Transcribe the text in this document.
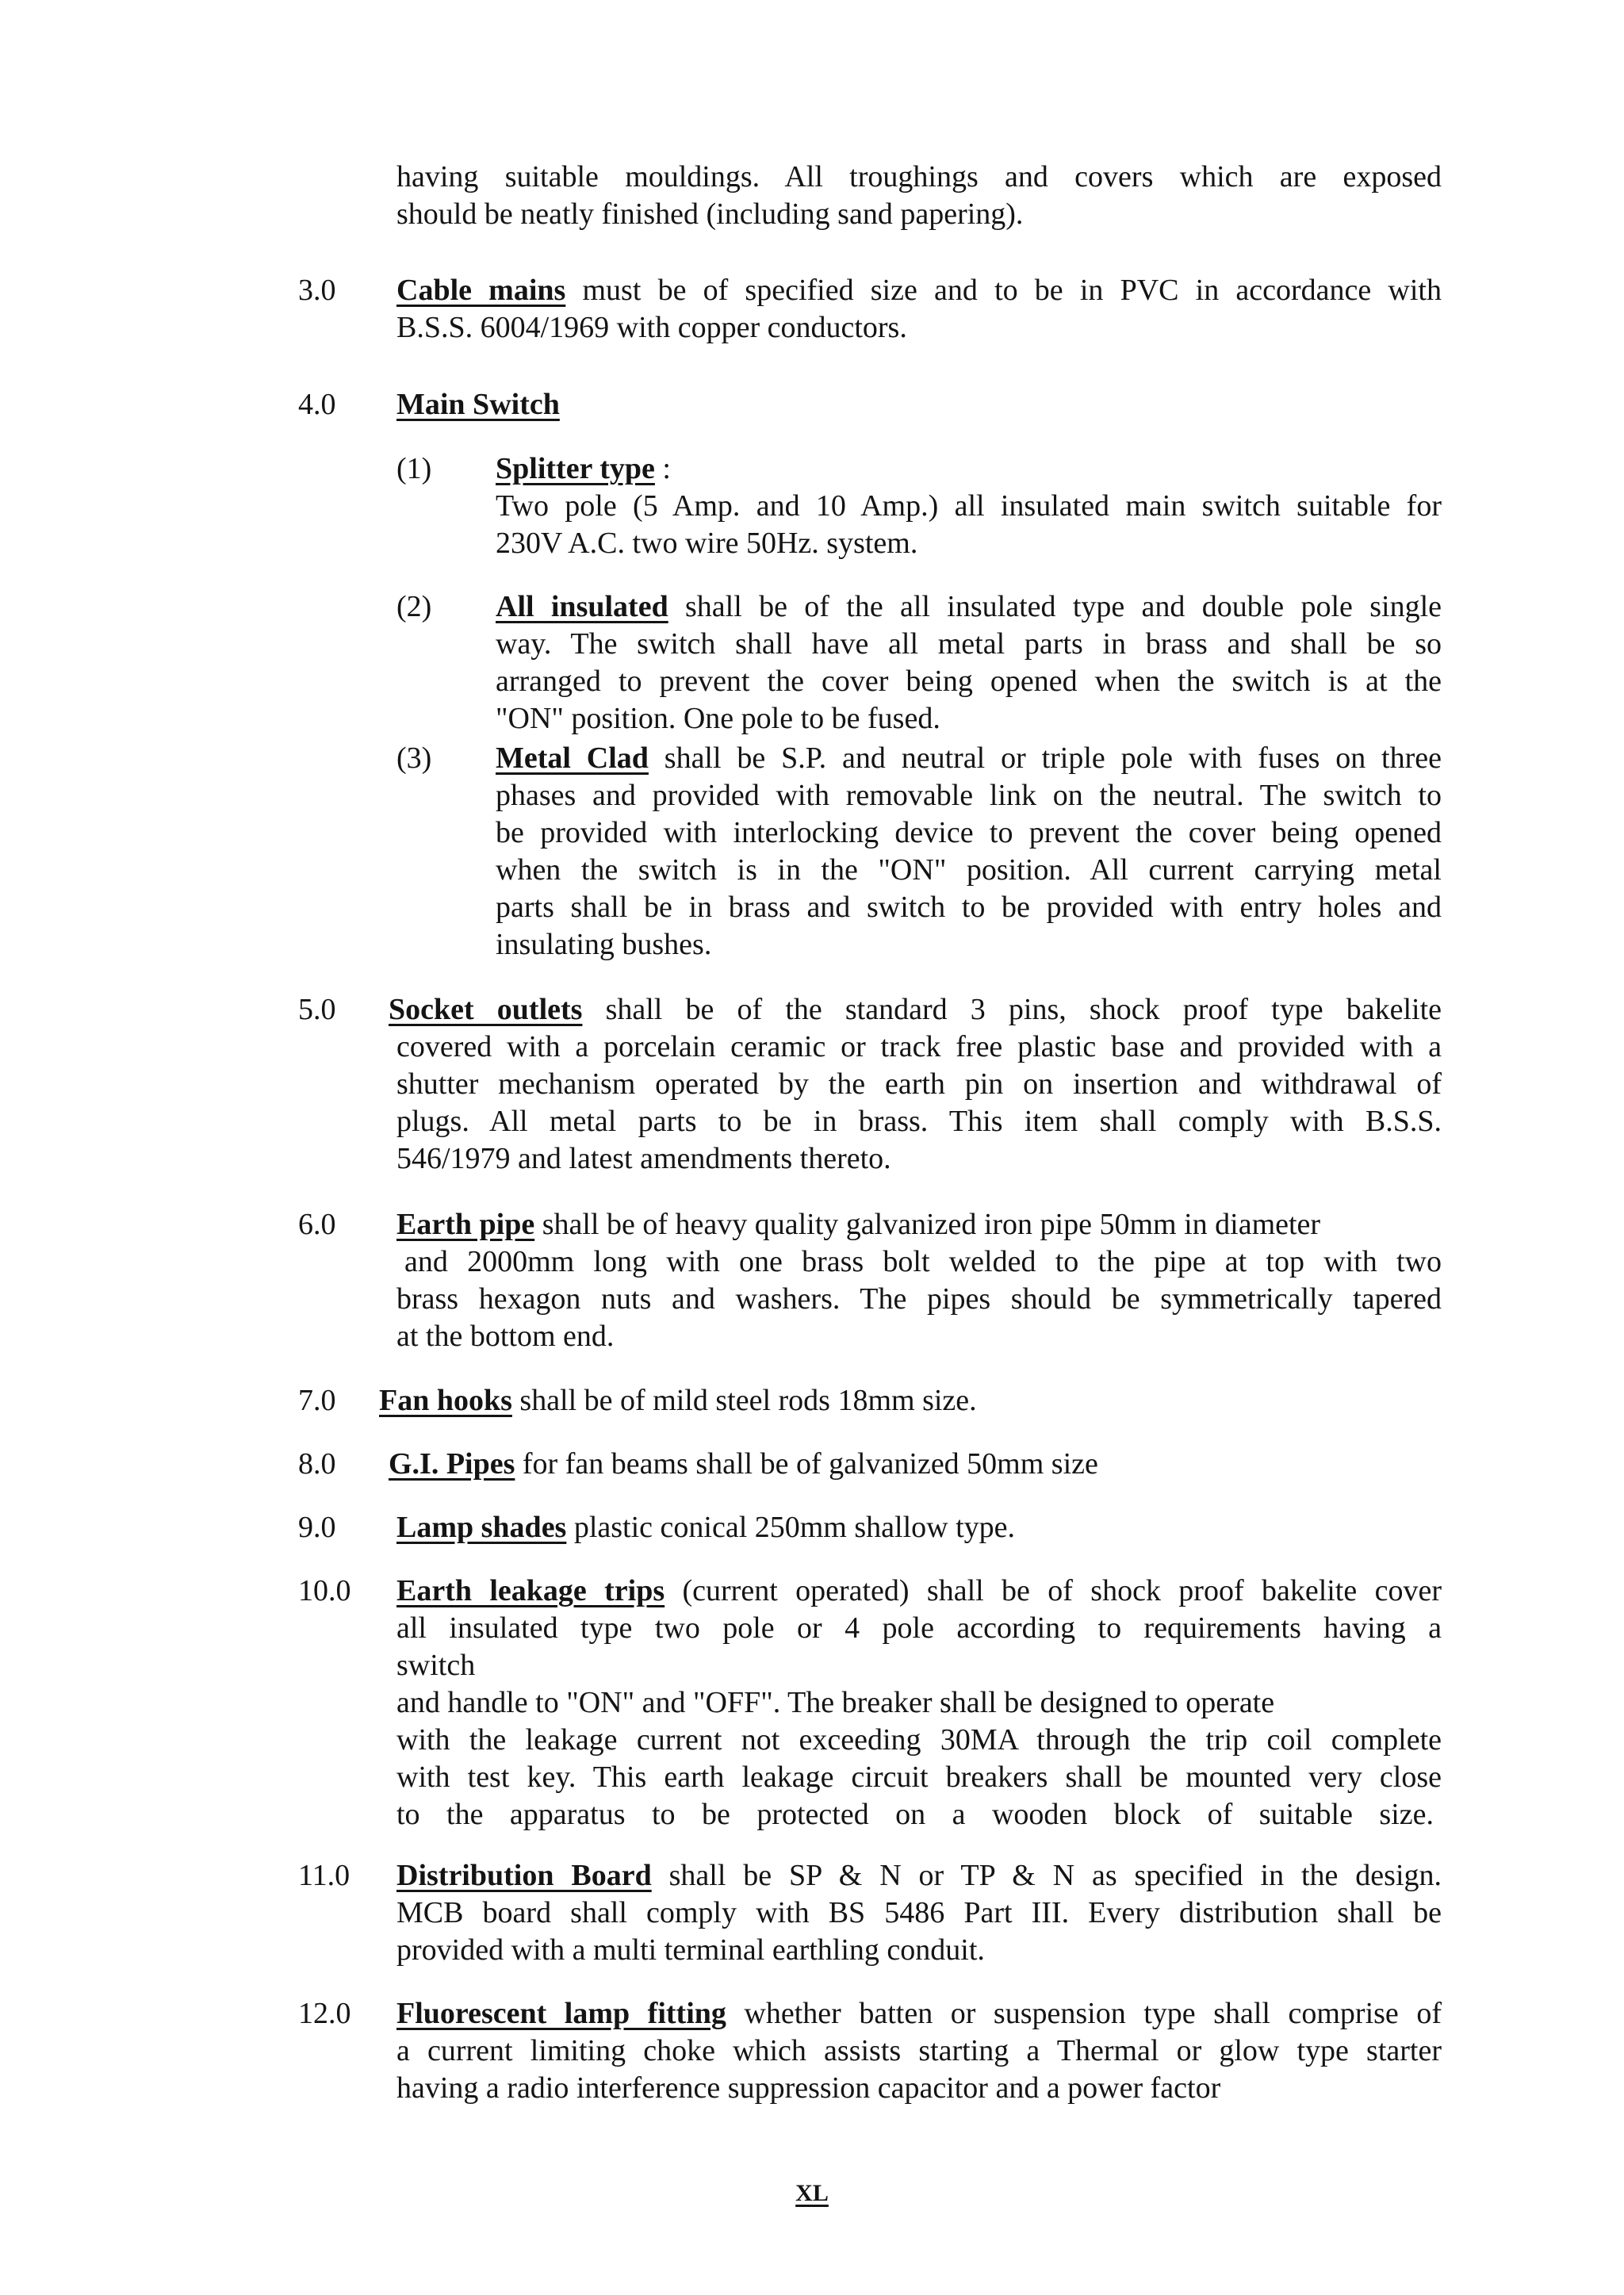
having suitable mouldings. All troughings and covers which are exposed
should be neatly finished (including sand papering).
3.0 Cable mains must be of specified size and to be in PVC in accordance with
B.S.S. 6004/1969 with copper conductors.
4.0 Main Switch
(1) Splitter type :
Two pole (5 Amp. and 10 Amp.) all insulated main switch suitable for
230V A.C. two wire 50Hz. system.
(2) All insulated shall be of the all insulated type and double pole single
way. The switch shall have all metal parts in brass and shall be so
arranged to prevent the cover being opened when the switch is at the
"ON" position. One pole to be fused.
(3) Metal Clad shall be S.P. and neutral or triple pole with fuses on three
phases and provided with removable link on the neutral. The switch to
be provided with interlocking device to prevent the cover being opened
when the switch is in the "ON" position. All current carrying metal
parts shall be in brass and switch to be provided with entry holes and
insulating bushes.
5.0 Socket outlets shall be of the standard 3 pins, shock proof type bakelite
covered with a porcelain ceramic or track free plastic base and provided with a
shutter mechanism operated by the earth pin on insertion and withdrawal of
plugs. All metal parts to be in brass. This item shall comply with B.S.S.
546/1979 and latest amendments thereto.
6.0 Earth pipe shall be of heavy quality galvanized iron pipe 50mm in diameter
and 2000mm long with one brass bolt welded to the pipe at top with two
brass hexagon nuts and washers. The pipes should be symmetrically tapered
at the bottom end.
7.0 Fan hooks shall be of mild steel rods 18mm size.
8.0 G.I. Pipes for fan beams shall be of galvanized 50mm size
9.0 Lamp shades plastic conical 250mm shallow type.
10.0 Earth leakage trips (current operated) shall be of shock proof bakelite cover
all insulated type two pole or 4 pole according to requirements having a
switch
and handle to "ON" and "OFF". The breaker shall be designed to operate
with the leakage current not exceeding 30MA through the trip coil complete
with test key. This earth leakage circuit breakers shall be mounted very close
to the apparatus to be protected on a wooden block of suitable size.
11.0 Distribution Board shall be SP & N or TP & N as specified in the design.
MCB board shall comply with BS 5486 Part III. Every distribution shall be
provided with a multi terminal earthling conduit.
12.0 Fluorescent lamp fitting whether batten or suspension type shall comprise of
a current limiting choke which assists starting a Thermal or glow type starter
having a radio interference suppression capacitor and a power factor
XL
